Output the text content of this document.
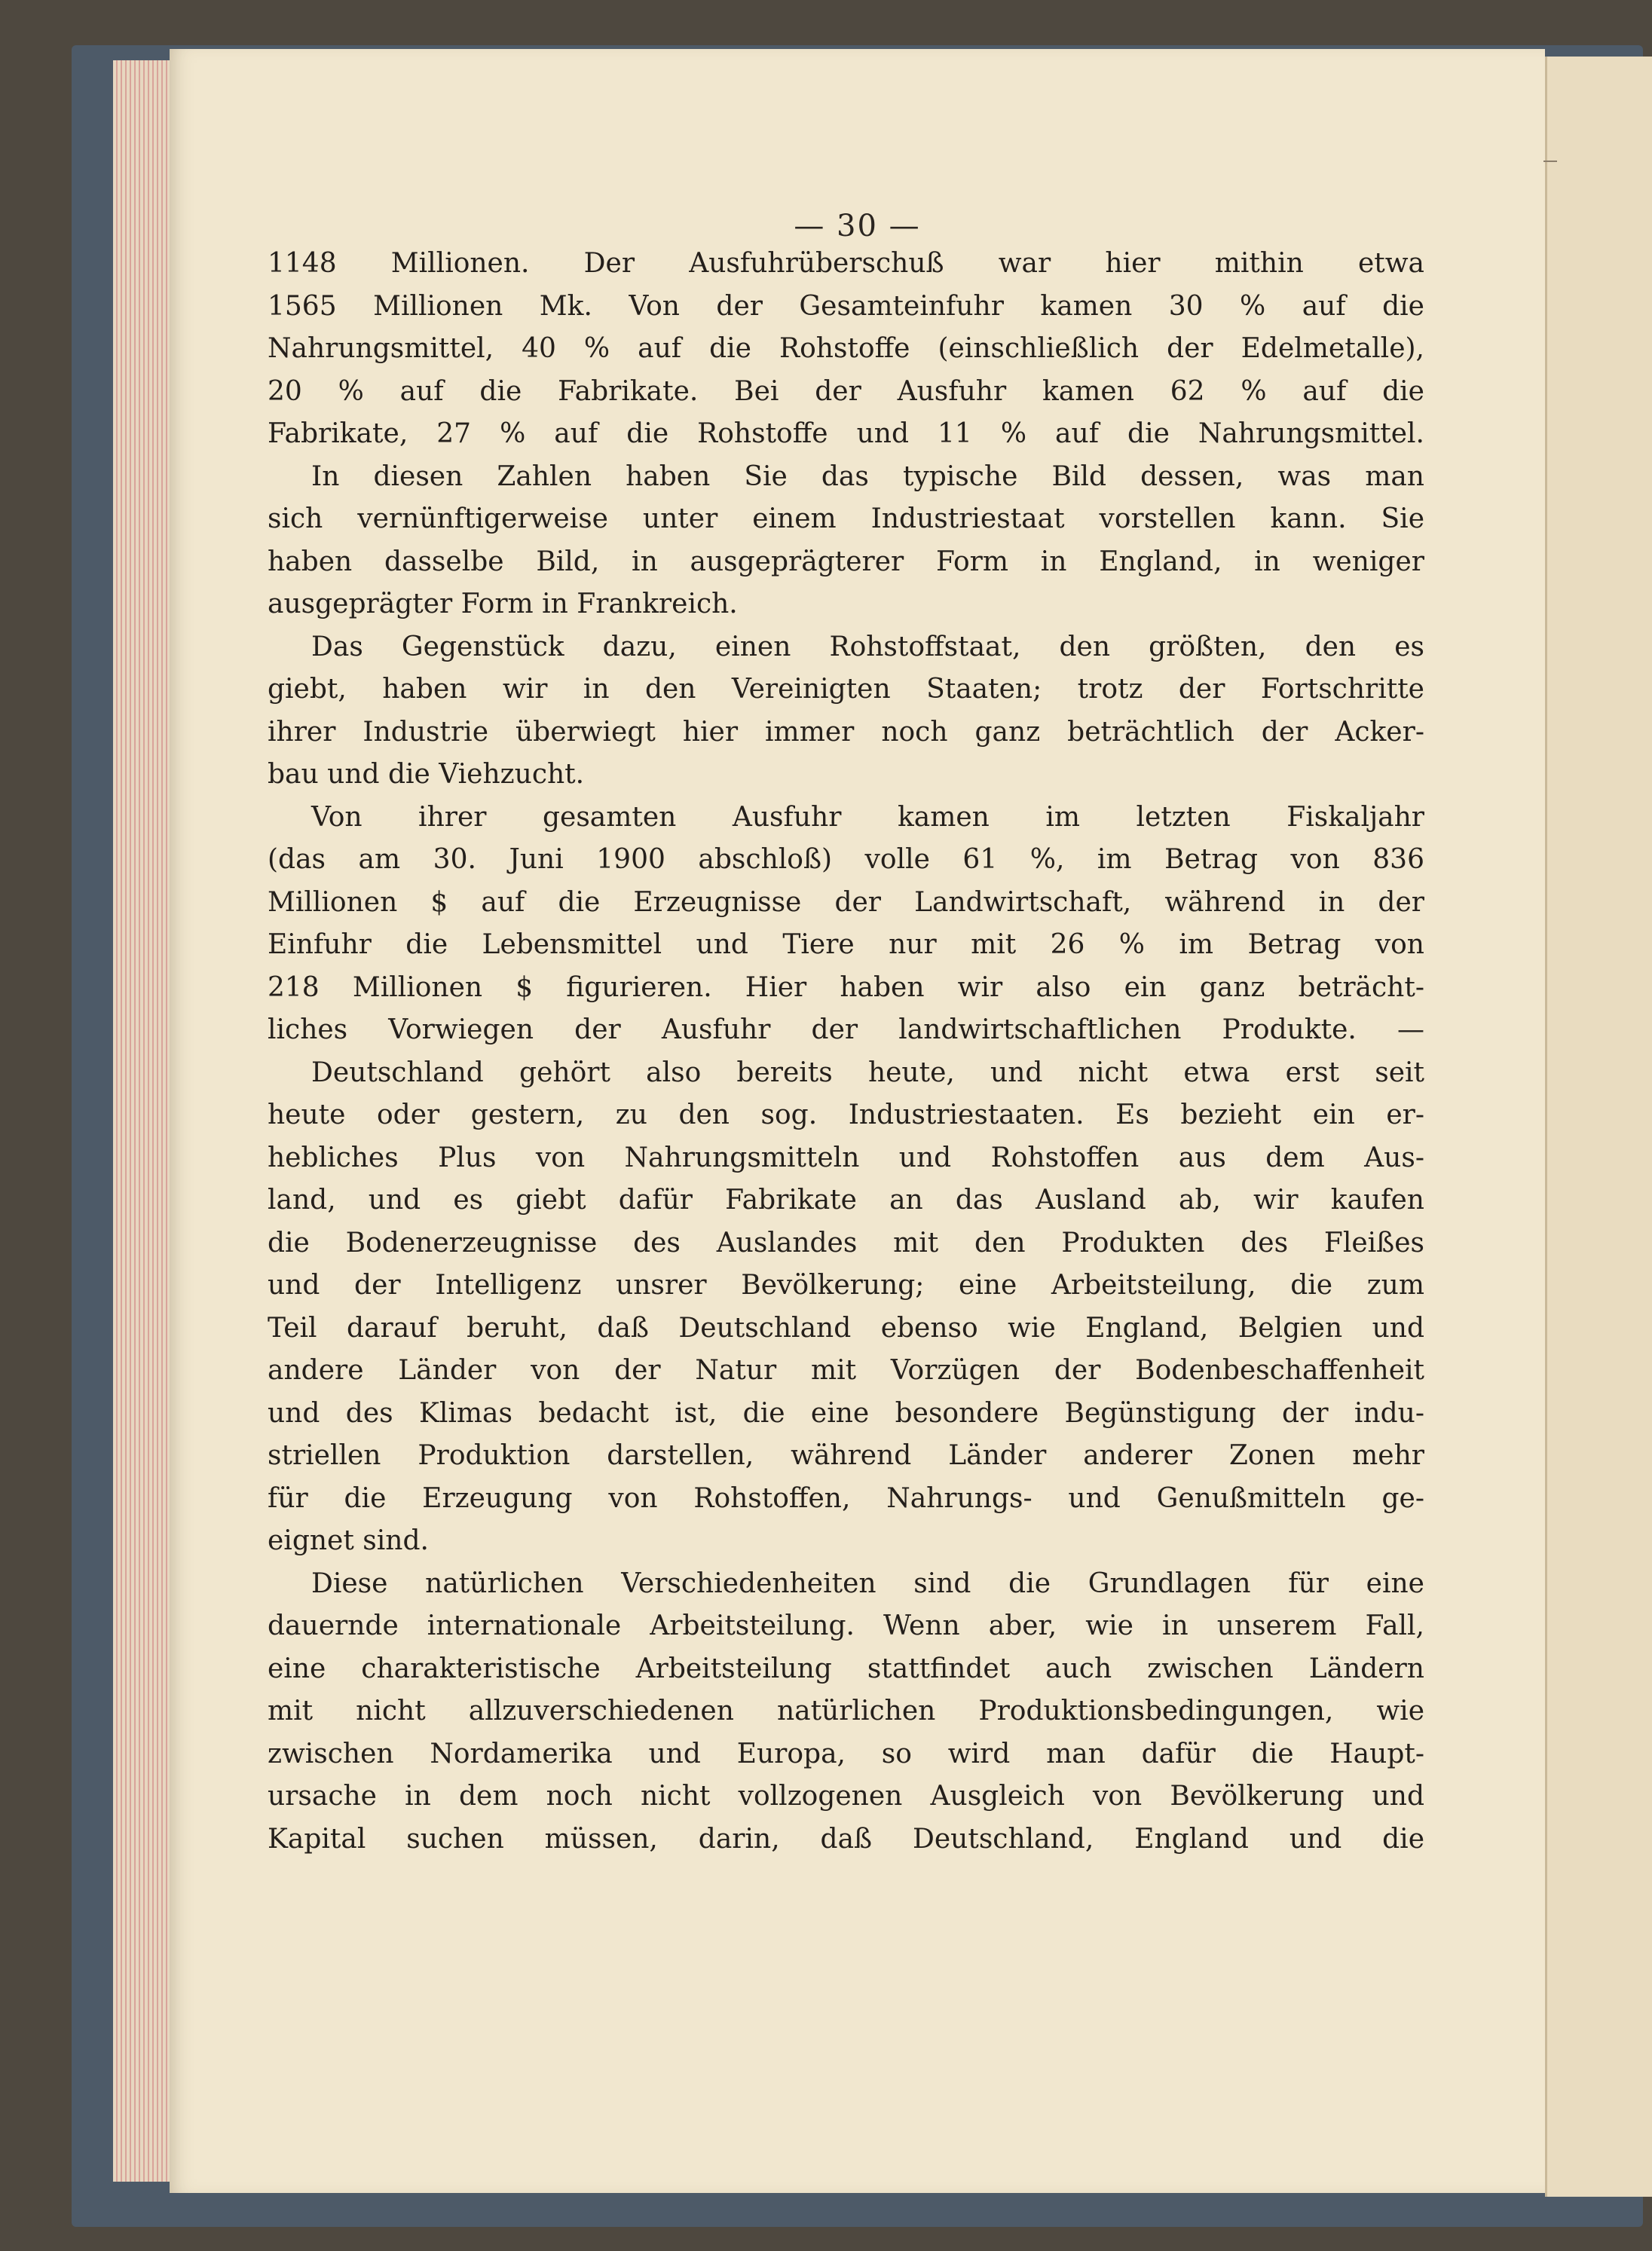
— 30 —
1148 Millionen. Der Ausfuhrüberschuß war hier mithin etwa
1565 Millionen Mk. Von der Gesamteinfuhr kamen 30 % auf die
Nahrungsmittel, 40 % auf die Rohstoffe (einschließlich der Edelmetalle),
20 % auf die Fabrikate. Bei der Ausfuhr kamen 62 % auf die
Fabrikate, 27 % auf die Rohstoffe und 11 % auf die Nahrungsmittel.
In diesen Zahlen haben Sie das typische Bild dessen, was man
sich vernünftigerweise unter einem Industriestaat vorstellen kann. Sie
haben dasselbe Bild, in ausgeprägterer Form in England, in weniger
ausgeprägter Form in Frankreich.
Das Gegenstück dazu, einen Rohstoffstaat, den größten, den es
giebt, haben wir in den Vereinigten Staaten; trotz der Fortschritte
ihrer Industrie überwiegt hier immer noch ganz beträchtlich der Acker-
bau und die Viehzucht.
Von ihrer gesamten Ausfuhr kamen im letzten Fiskaljahr
(das am 30. Juni 1900 abschloß) volle 61 %, im Betrag von 836
Millionen $ auf die Erzeugnisse der Landwirtschaft, während in der
Einfuhr die Lebensmittel und Tiere nur mit 26 % im Betrag von
218 Millionen $ figurieren. Hier haben wir also ein ganz beträcht-
liches Vorwiegen der Ausfuhr der landwirtschaftlichen Produkte. —
Deutschland gehört also bereits heute, und nicht etwa erst seit
heute oder gestern, zu den sog. Industriestaaten. Es bezieht ein er-
hebliches Plus von Nahrungsmitteln und Rohstoffen aus dem Aus-
land, und es giebt dafür Fabrikate an das Ausland ab, wir kaufen
die Bodenerzeugnisse des Auslandes mit den Produkten des Fleißes
und der Intelligenz unsrer Bevölkerung; eine Arbeitsteilung, die zum
Teil darauf beruht, daß Deutschland ebenso wie England, Belgien und
andere Länder von der Natur mit Vorzügen der Bodenbeschaffenheit
und des Klimas bedacht ist, die eine besondere Begünstigung der indu-
striellen Produktion darstellen, während Länder anderer Zonen mehr
für die Erzeugung von Rohstoffen, Nahrungs- und Genußmitteln ge-
eignet sind.
Diese natürlichen Verschiedenheiten sind die Grundlagen für eine
dauernde internationale Arbeitsteilung. Wenn aber, wie in unserem Fall,
eine charakteristische Arbeitsteilung stattfindet auch zwischen Ländern
mit nicht allzuverschiedenen natürlichen Produktionsbedingungen, wie
zwischen Nordamerika und Europa, so wird man dafür die Haupt-
ursache in dem noch nicht vollzogenen Ausgleich von Bevölkerung und
Kapital suchen müssen, darin, daß Deutschland, England und die
